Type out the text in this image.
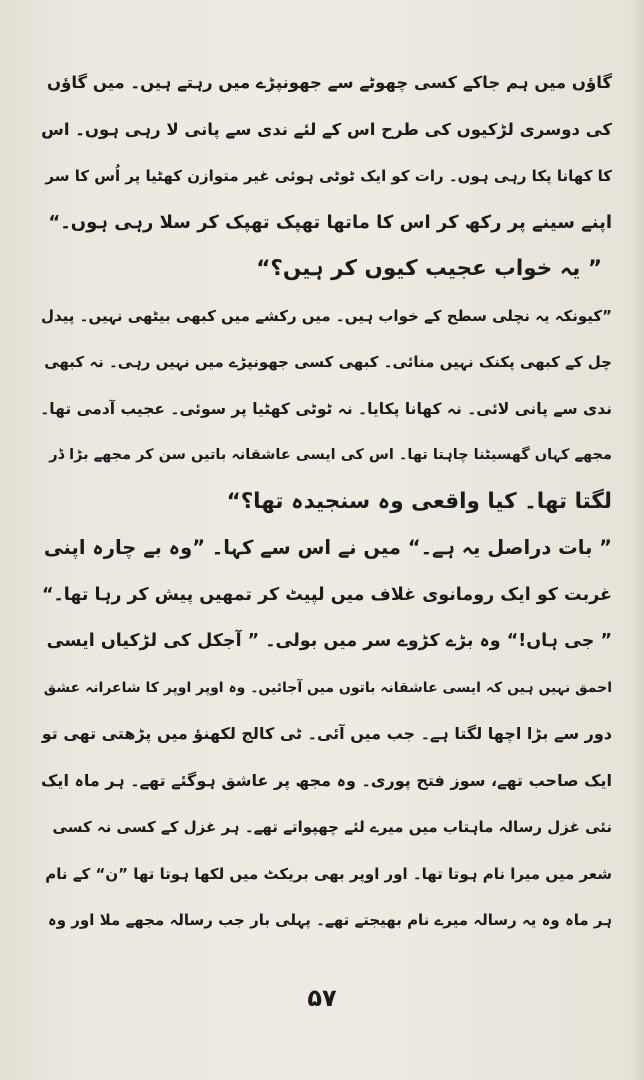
گاؤں میں ہم جاکے کسی چھوٹے سے جھونپڑے میں رہتے ہیں۔ میں گاؤں
کی دوسری لڑکیوں کی طرح اس کے لئے ندی سے پانی لا رہی ہوں۔ اس
کا کھانا پکا رہی ہوں۔ رات کو ایک ٹوٹی ہوئی غیر متوازن کھٹیا پر اُس کا سر
اپنے سینے پر رکھ کر اس کا ماتھا تھپک تھپک کر سلا رہی ہوں۔“
” یہ خواب عجیب کیوں کر ہیں؟“
”کیونکہ یہ نچلی سطح کے خواب ہیں۔ میں رکشے میں کبھی بیٹھی نہیں۔ پیدل
چل کے کبھی پکنک نہیں منائی۔ کبھی کسی جھونپڑے میں نہیں رہی۔ نہ کبھی
ندی سے پانی لائی۔ نہ کھانا پکایا۔ نہ ٹوٹی کھٹیا پر سوئی۔ عجیب آدمی تھا۔
مجھے کہاں گھسیٹنا چاہتا تھا۔ اس کی ایسی عاشقانہ باتیں سن کر مجھے بڑا ڈر
لگتا تھا۔ کیا واقعی وہ سنجیدہ تھا؟“
” بات دراصل یہ ہے۔“ میں نے اس سے کہا۔ ”وہ بے چارہ اپنی
غربت کو ایک رومانوی غلاف میں لپیٹ کر تمھیں پیش کر رہا تھا۔“
” جی ہاں!“ وہ بڑے کڑوے سر میں بولی۔ ” آجکل کی لڑکیاں ایسی
احمق نہیں ہیں کہ ایسی عاشقانہ باتوں میں آجائیں۔ وہ اوپر اوپر کا شاعرانہ عشق
دور سے بڑا اچھا لگتا ہے۔ جب میں آئی۔ ٹی کالج لکھنؤ میں پڑھتی تھی تو
ایک صاحب تھے، سوز فتح پوری۔ وہ مجھ پر عاشق ہوگئے تھے۔ ہر ماہ ایک
نئی غزل رسالہ ماہتاب میں میرے لئے چھپواتے تھے۔ ہر غزل کے کسی نہ کسی
شعر میں میرا نام ہوتا تھا۔ اور اوپر بھی بریکٹ میں لکھا ہوتا تھا ”ن“ کے نام
ہر ماہ وہ یہ رسالہ میرے نام بھیجتے تھے۔ پہلی بار جب رسالہ مجھے ملا اور وہ
۵۷
